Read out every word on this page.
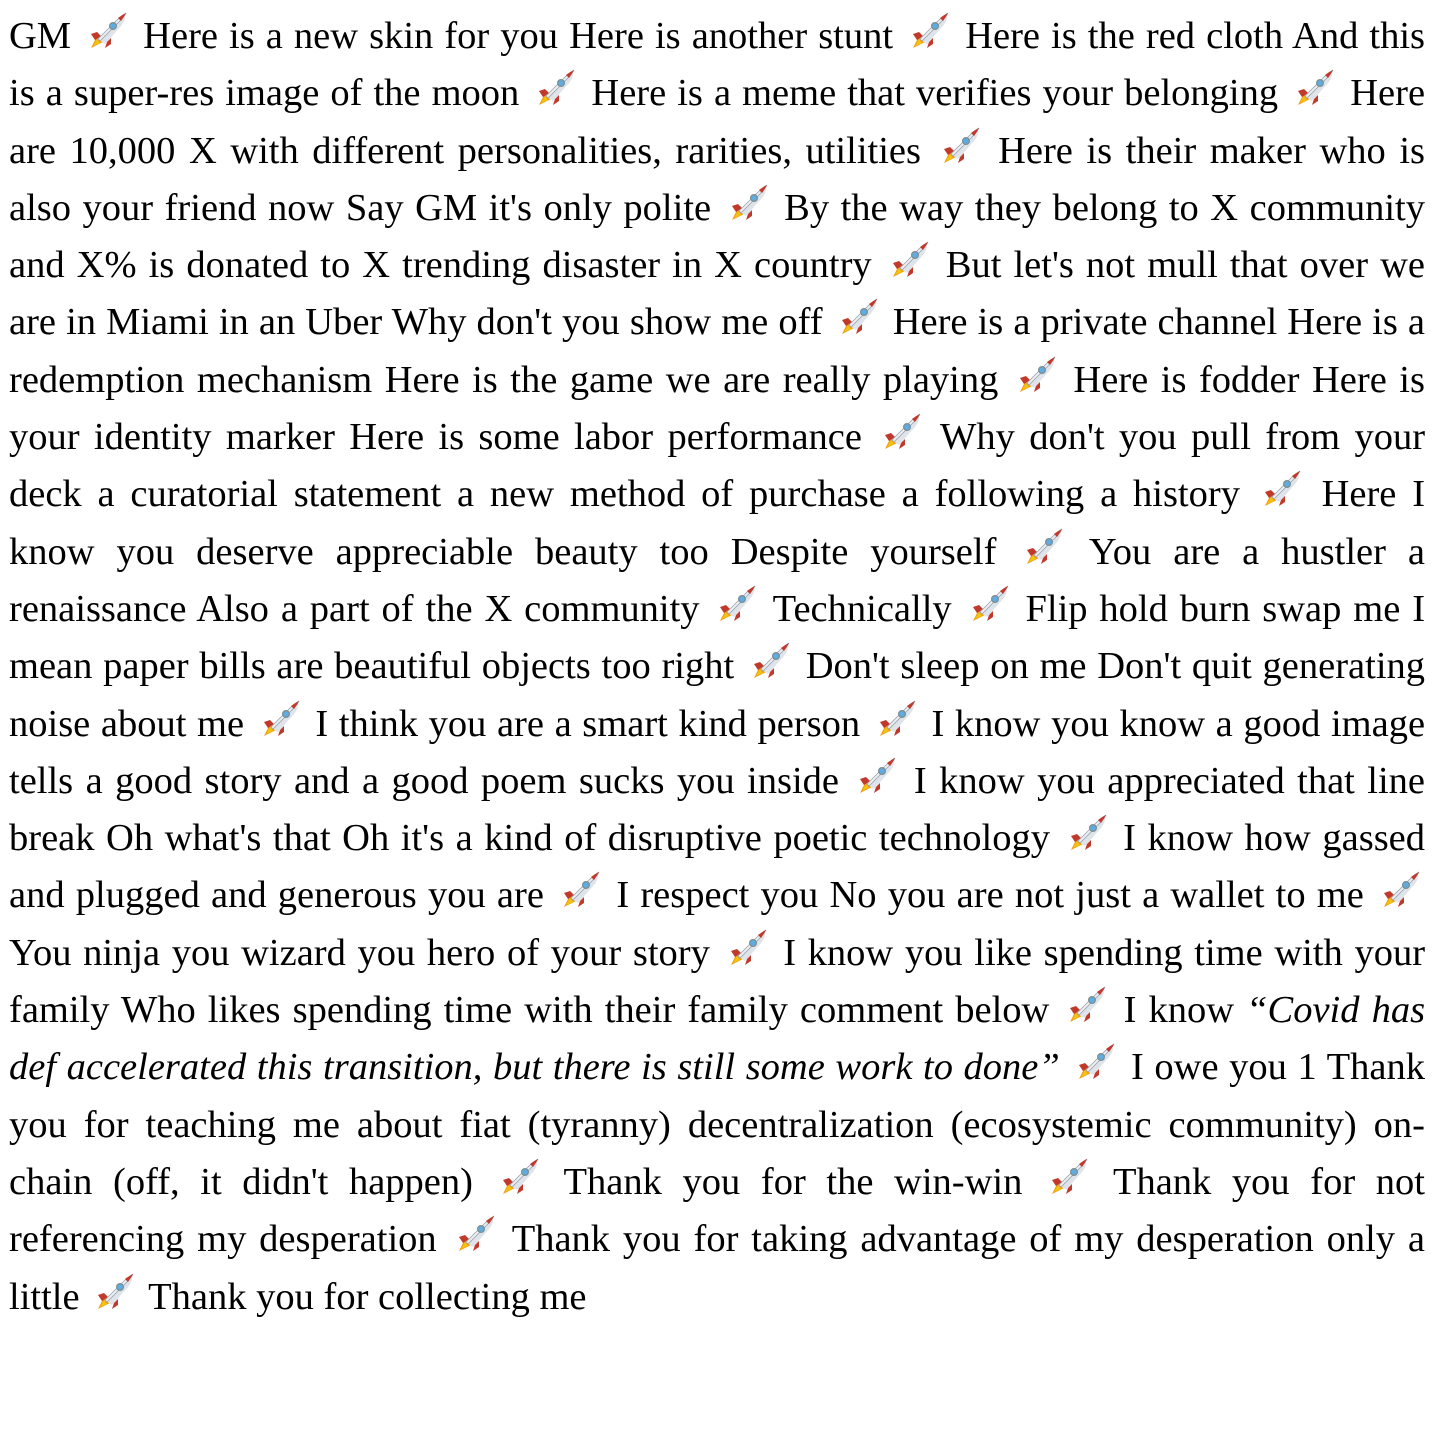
GM Here is a new skin for you Here is another stunt Here is the red cloth And this is a super-res image of the moon Here is a meme that verifies your belonging Here are 10,000 X with different personalities, rarities, utilities Here is their maker who is also your friend now Say GM it's only polite By the way they belong to X community and X% is donated to X trending disaster in X country But let's not mull that over we are in Miami in an Uber Why don't you show me off Here is a private channel Here is a redemption mechanism Here is the game we are really playing Here is fodder Here is your identity marker Here is some labor performance Why don't you pull from your deck a curatorial statement a new method of purchase a following a history Here I know you deserve appreciable beauty too Despite yourself You are a hustler a renaissance Also a part of the X community Technically Flip hold burn swap me I mean paper bills are beautiful objects too right Don't sleep on me Don't quit generating noise about me I think you are a smart kind person I know you know a good image tells a good story and a good poem sucks you inside I know you appreciated that line break Oh what's that Oh it's a kind of disruptive poetic technology I know how gassed and plugged and generous you are I respect you No you are not just a wallet to me
You ninja you wizard you hero of your story I know you like spending time with your family Who likes spending time with their family comment below I know “Covid has def accelerated this transition, but there is still some work to done” I owe you 1 Thank you for teaching me about fiat (tyranny) decentralization (ecosystemic community) on-chain (off, it didn't happen) Thank you for the win-win Thank you for not referencing my desperation Thank you for taking advantage of my desperation only a little Thank you for collecting me
